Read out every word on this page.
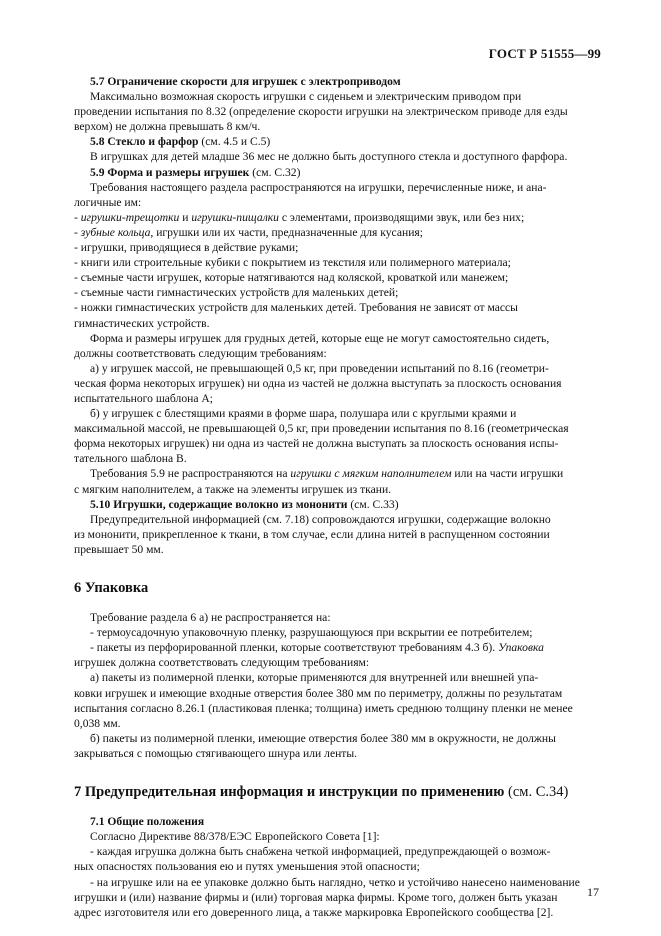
ГОСТ Р 51555—99

5.7 Ограничение скорости для игрушек с электроприводом

Максимально возможная скорость игрушки с сиденьем и электрическим приводом при

проведении испытания по 8.32 (определение скорости игрушки на электрическом приводе для езды

верхом) не должна превышать 8 км/ч.

5.8 Стекло и фарфор (см. 4.5 и С.5)

В игрушках для детей младше 36 мес не должно быть доступного стекла и доступного фарфора.

5.9 Форма и размеры игрушек (см. С.32)

Требования настоящего раздела распространяются на игрушки, перечисленные ниже, и ана-

логичные им:

- игрушки-трещотки и игрушки-пищалки с элементами, производящими звук, или без них;

- зубные кольца, игрушки или их части, предназначенные для кусания;

- игрушки, приводящиеся в действие руками;

- книги или строительные кубики с покрытием из текстиля или полимерного материала;

- съемные части игрушек, которые натягиваются над коляской, кроваткой или манежем;

- съемные части гимнастических устройств для маленьких детей;

- ножки гимнастических устройств для маленьких детей. Требования не зависят от массы

гимнастических устройств.

Форма и размеры игрушек для грудных детей, которые еще не могут самостоятельно сидеть,

должны соответствовать следующим требованиям:

а) у игрушек массой, не превышающей 0,5 кг, при проведении испытаний по 8.16 (геометри-

ческая форма некоторых игрушек) ни одна из частей не должна выступать за плоскость основания

испытательного шаблона А;

б) у игрушек с блестящими краями в форме шара, полушара или с круглыми краями и

максимальной массой, не превышающей 0,5 кг, при проведении испытания по 8.16 (геометрическая

форма некоторых игрушек) ни одна из частей не должна выступать за плоскость основания испы-

тательного шаблона В.

Требования 5.9 не распространяются на игрушки с мягким наполнителем или на части игрушки

с мягким наполнителем, а также на элементы игрушек из ткани.

5.10 Игрушки, содержащие волокно из мононити (см. С.33)

Предупредительной информацией (см. 7.18) сопровождаются игрушки, содержащие волокно

из мононити, прикрепленное к ткани, в том случае, если длина нитей в распущенном состоянии

превышает 50 мм.

6 Упаковка

Требование раздела 6 а) не распространяется на:

- термоусадочную упаковочную пленку, разрушающуюся при вскрытии ее потребителем;

- пакеты из перфорированной пленки, которые соответствуют требованиям 4.3 б). Упаковка

игрушек должна соответствовать следующим требованиям:

а) пакеты из полимерной пленки, которые применяются для внутренней или внешней упа-

ковки игрушек и имеющие входные отверстия более 380 мм по периметру, должны по результатам

испытания согласно 8.26.1 (пластиковая пленка; толщина) иметь среднюю толщину пленки не менее

0,038 мм.

б) пакеты из полимерной пленки, имеющие отверстия более 380 мм в окружности, не должны

закрываться с помощью стягивающего шнура или ленты.

7 Предупредительная информация и инструкции по применению (см. С.34)

7.1 Общие положения

Согласно Директиве 88/378/ЕЭС Европейского Совета [1]:

- каждая игрушка должна быть снабжена четкой информацией, предупреждающей о возмож-

ных опасностях пользования ею и путях уменьшения этой опасности;

- на игрушке или на ее упаковке должно быть наглядно, четко и устойчиво нанесено наименование

игрушки и (или) название фирмы и (или) торговая марка фирмы. Кроме того, должен быть указан

адрес изготовителя или его доверенного лица, а также маркировка Европейского сообщества [2].

17
